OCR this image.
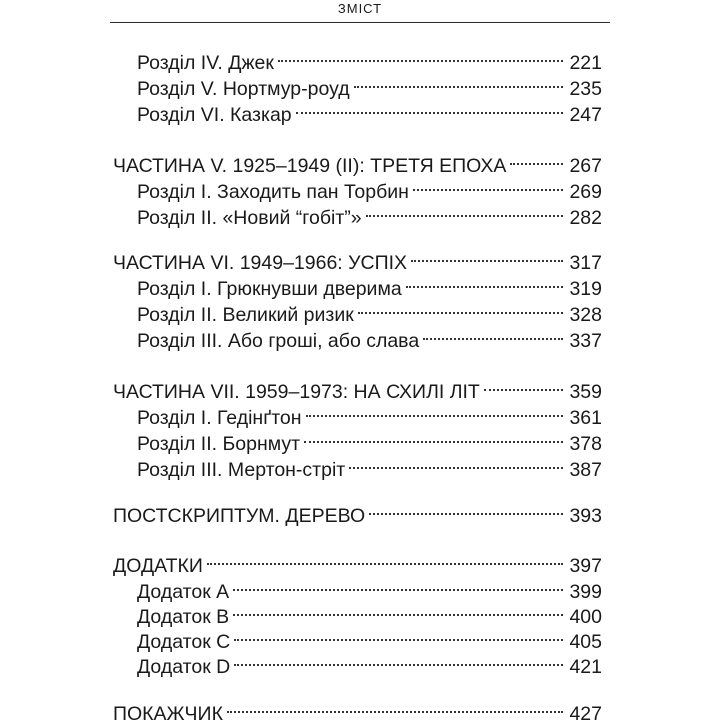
ЗМІСТ
Розділ IV. Джек	221
Розділ V. Нортмур-роуд	235
Розділ VI. Казкар	247
ЧАСТИНА V. 1925–1949 (II): ТРЕТЯ ЕПОХА	267
Розділ I. Заходить пан Торбин	269
Розділ II. «Новий “гобіт”»	282
ЧАСТИНА VI. 1949–1966: УСПІХ	317
Розділ I. Грюкнувши дверима	319
Розділ II. Великий ризик	328
Розділ III. Або гроші, або слава	337
ЧАСТИНА VII. 1959–1973: НА СХИЛІ ЛІТ	359
Розділ I. Гедінґтон	361
Розділ II. Борнмут	378
Розділ III. Мертон-стріт	387
ПОСТСКРИПТУМ. ДЕРЕВО	393
ДОДАТКИ	397
Додаток A	399
Додаток B	400
Додаток C	405
Додаток D	421
ПОКАЖЧИК	427
